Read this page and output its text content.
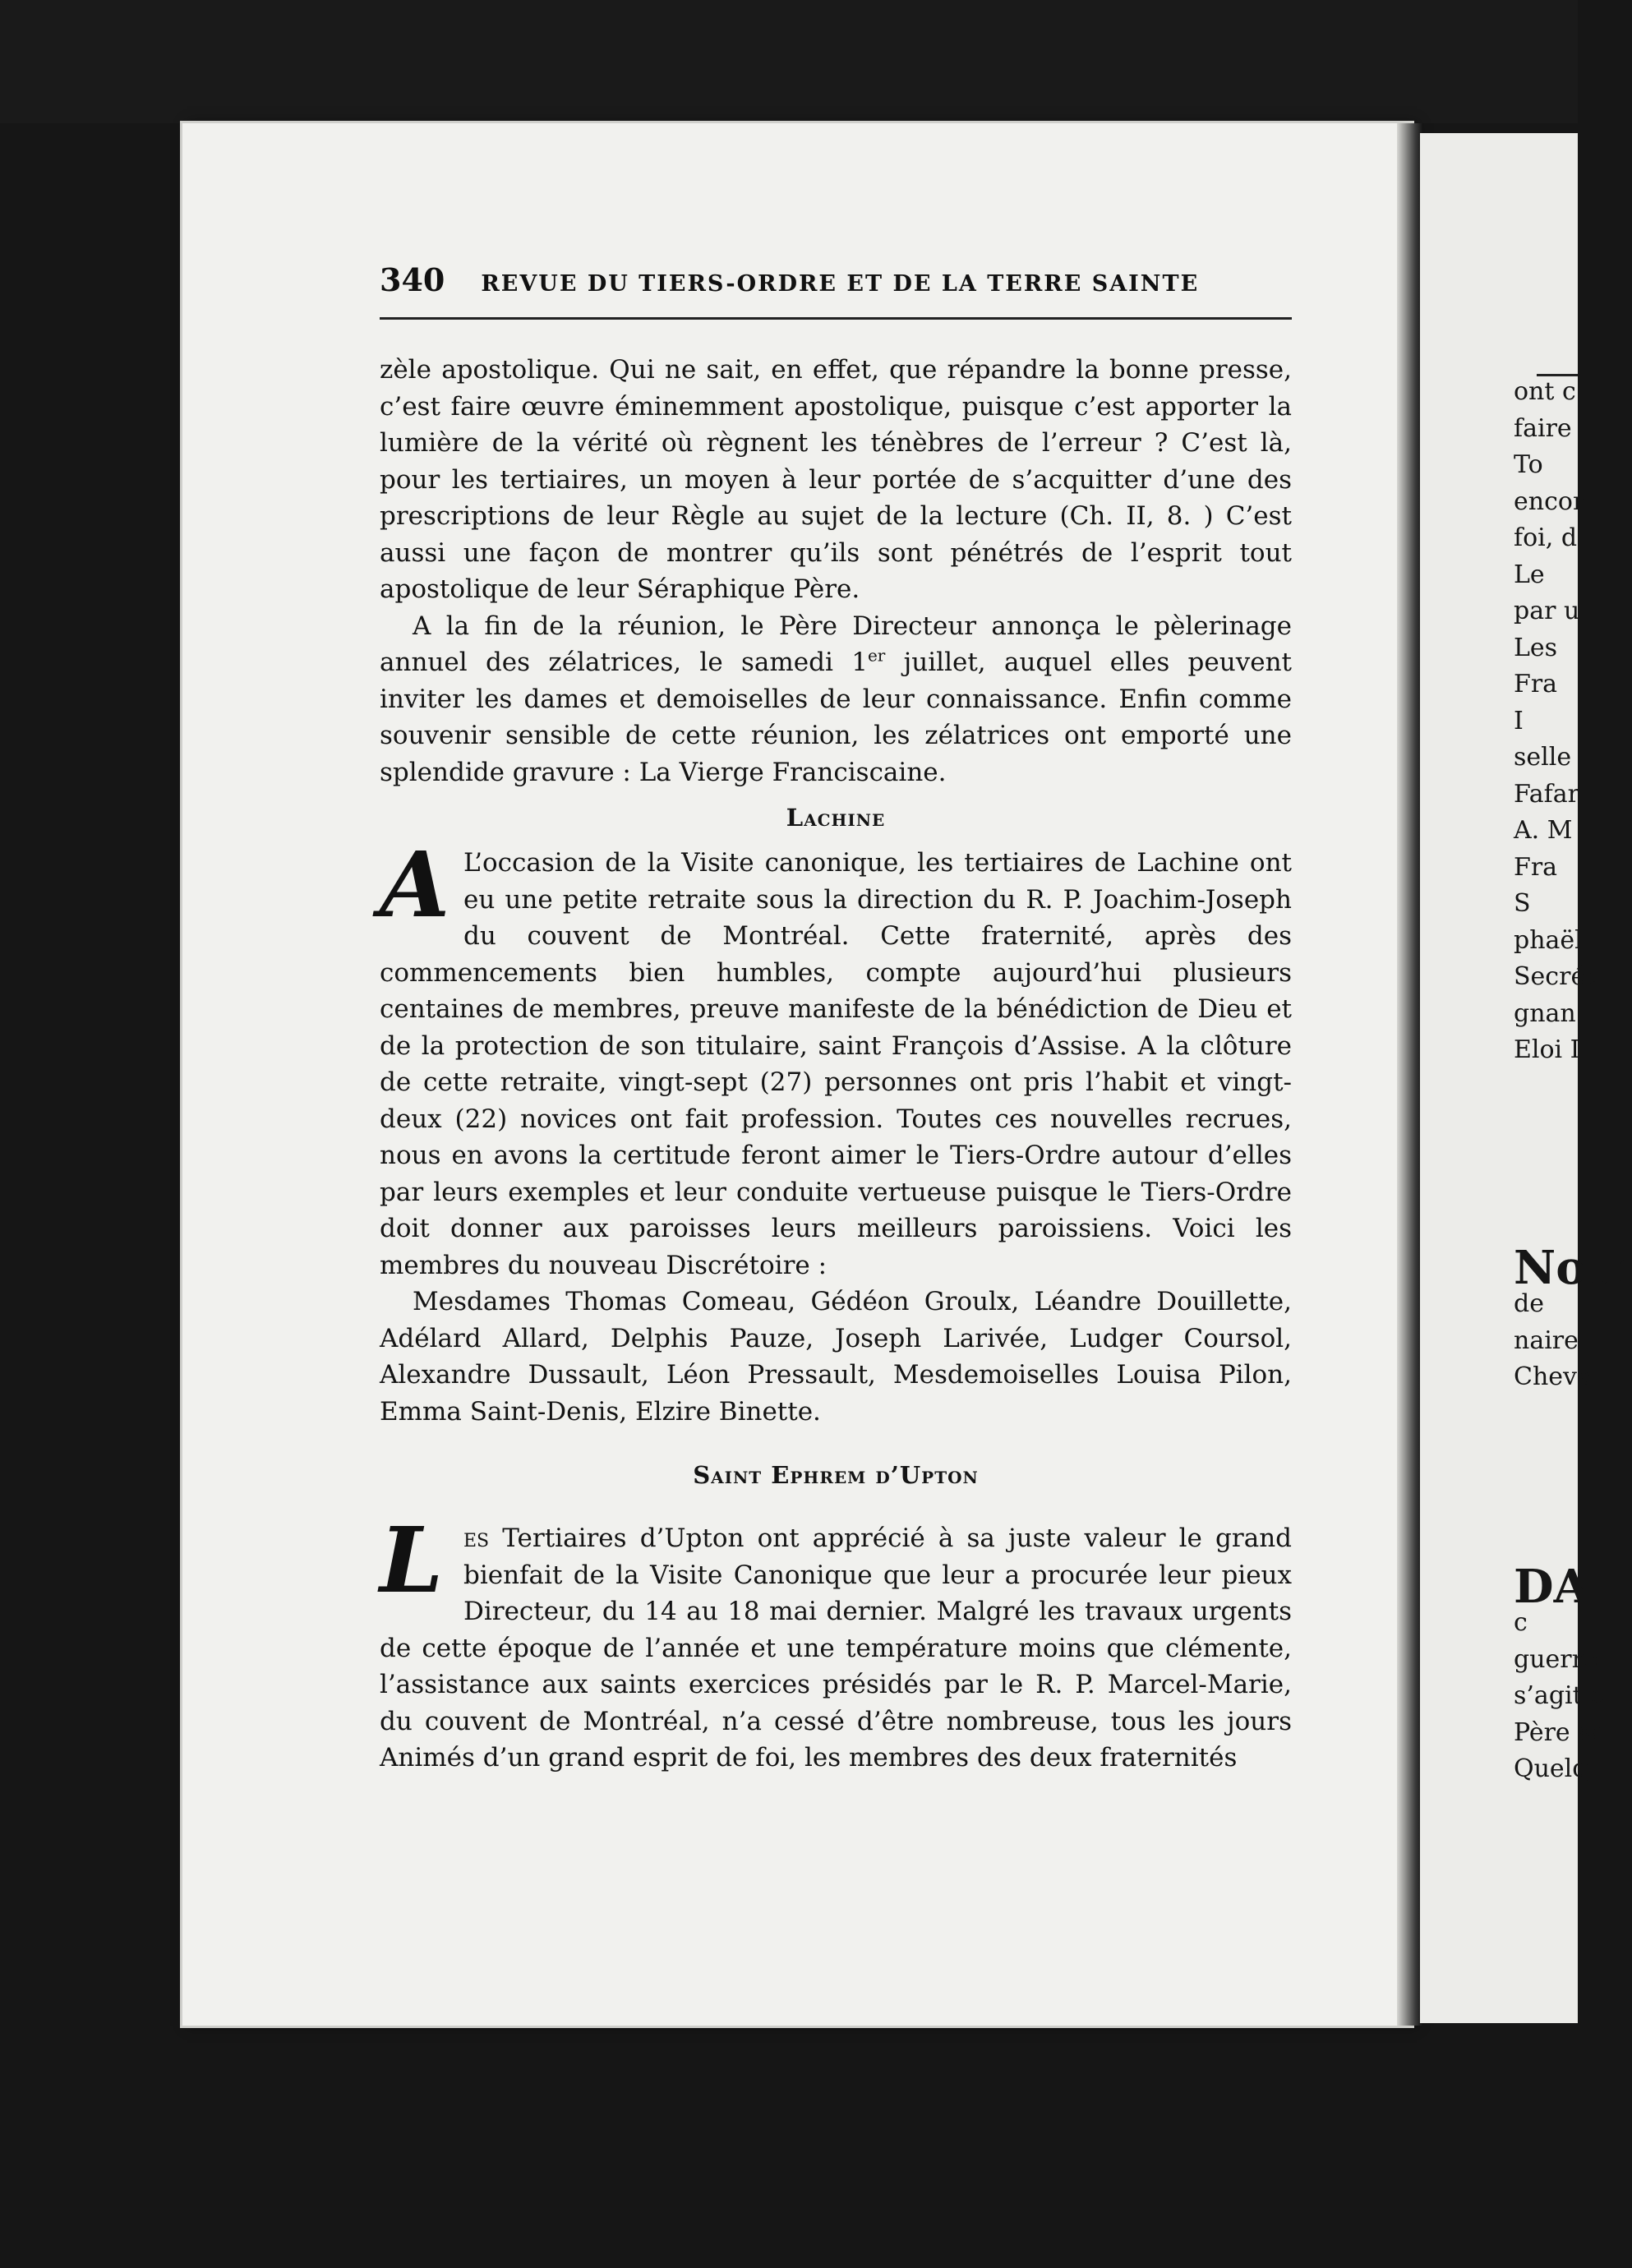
340 REVUE DU TIERS-ORDRE ET DE LA TERRE SAINTE

zèle apostolique. Qui ne sait, en effet, que répandre la bonne presse, c’est faire œuvre éminemment apostolique, puisque c’est apporter la lumière de la vérité où règnent les ténèbres de l’erreur ? C’est là, pour les tertiaires, un moyen à leur portée de s’acquitter d’une des prescriptions de leur Règle au sujet de la lecture (Ch. II, 8. ) C’est aussi une façon de montrer qu’ils sont pénétrés de l’esprit tout apostolique de leur Séraphique Père.

A la fin de la réunion, le Père Directeur annonça le pèlerinage annuel des zélatrices, le samedi 1er juillet, auquel elles peuvent inviter les dames et demoiselles de leur connaissance. Enfin comme souvenir sensible de cette réunion, les zélatrices ont emporté une splendide gravure : La Vierge Franciscaine.

Lachine

A L’occasion de la Visite canonique, les tertiaires de Lachine ont eu une petite retraite sous la direction du R. P. Joachim-Joseph du couvent de Montréal. Cette fraternité, après des commencements bien humbles, compte aujourd’hui plusieurs centaines de membres, preuve manifeste de la bénédiction de Dieu et de la protection de son titulaire, saint François d’Assise. A la clôture de cette retraite, vingt-sept (27) personnes ont pris l’habit et vingt-deux (22) novices ont fait profession. Toutes ces nouvelles recrues, nous en avons la certitude feront aimer le Tiers-Ordre autour d’elles par leurs exemples et leur conduite vertueuse puisque le Tiers-Ordre doit donner aux paroisses leurs meilleurs paroissiens. Voici les membres du nouveau Discrétoire :

Mesdames Thomas Comeau, Gédéon Groulx, Léandre Douillette, Adélard Allard, Delphis Pauze, Joseph Larivée, Ludger Coursol, Alexandre Dussault, Léon Pressault, Mesdemoiselles Louisa Pilon, Emma Saint-Denis, Elzire Binette.

Saint Ephrem d’Upton

Les Tertiaires d’Upton ont apprécié à sa juste valeur le grand bienfait de la Visite Canonique que leur a procurée leur pieux Directeur, du 14 au 18 mai dernier. Malgré les travaux urgents de cette époque de l’année et une température moins que clémente, l’assistance aux saints exercices présidés par le R. P. Marcel-Marie, du couvent de Montréal, n’a cessé d’être nombreuse, tous les jours Animés d’un grand esprit de foi, les membres des deux fraternités

ont c
faire
To
encor
foi, d
Le
par u
Les
Fra
I
selle
Fafar
A. M
Fra
S
phaël
Secrét
gnan
Eloi I
Notr
de
naire
Cheval
DA
c
guerre
s’agit c
Père sa
Quelq
